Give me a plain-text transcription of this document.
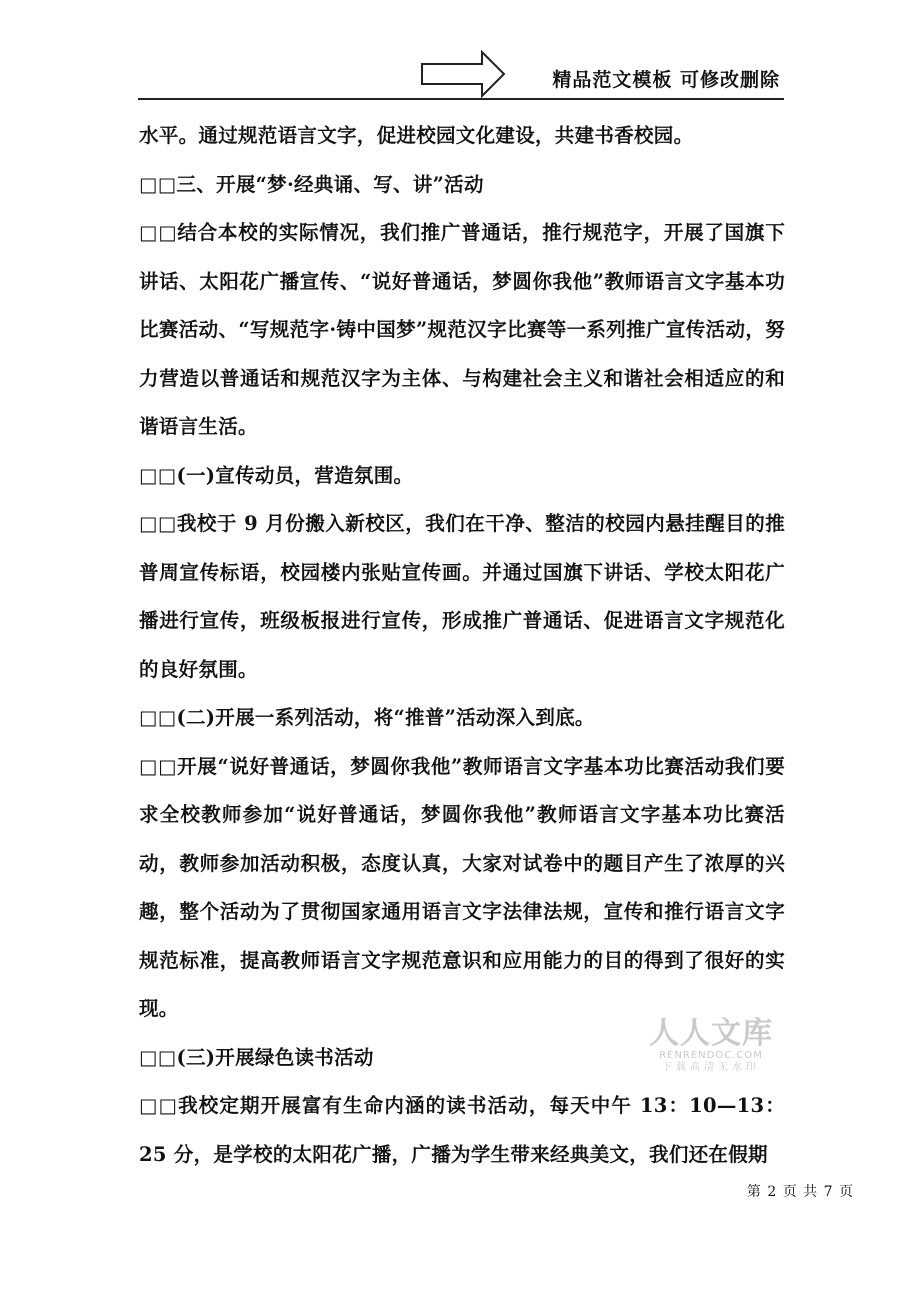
精品范文模板 可修改删除

水平。通过规范语言文字，促进校园文化建设，共建书香校园。

□□三、开展“梦·经典诵、写、讲”活动

□□结合本校的实际情况，我们推广普通话，推行规范字，开展了国旗下讲话、太阳花广播宣传、“说好普通话，梦圆你我他”教师语言文字基本功比赛活动、“写规范字·铸中国梦”规范汉字比赛等一系列推广宣传活动，努力营造以普通话和规范汉字为主体、与构建社会主义和谐社会相适应的和谐语言生活。

□□(一)宣传动员，营造氛围。

□□我校于 9 月份搬入新校区，我们在干净、整洁的校园内悬挂醒目的推普周宣传标语，校园楼内张贴宣传画。并通过国旗下讲话、学校太阳花广播进行宣传，班级板报进行宣传，形成推广普通话、促进语言文字规范化的良好氛围。

□□(二)开展一系列活动，将“推普”活动深入到底。

□□开展“说好普通话，梦圆你我他”教师语言文字基本功比赛活动我们要求全校教师参加“说好普通话，梦圆你我他”教师语言文字基本功比赛活动，教师参加活动积极，态度认真，大家对试卷中的题目产生了浓厚的兴趣，整个活动为了贯彻国家通用语言文字法律法规，宣传和推行语言文字规范标准，提高教师语言文字规范意识和应用能力的目的得到了很好的实现。

□□(三)开展绿色读书活动

□□我校定期开展富有生命内涵的读书活动，每天中午 13：10—13：25 分，是学校的太阳花广播，广播为学生带来经典美文，我们还在假期

人人文库
RENRENDOC.COM
下载高清无水印
第 2 页 共 7 页
